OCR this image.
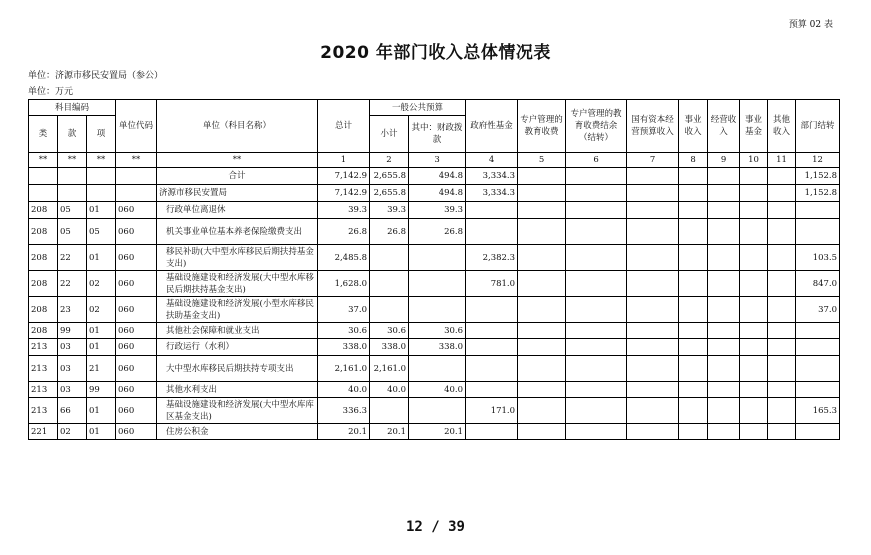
预算 02 表
2020 年部门收入总体情况表
单位：济源市移民安置局（参公）
单位：万元
科目编码			单位代码	单位（科目名称）	总计	一般公共预算		政府性基金	专户管理的教育收费	专户管理的教育收费结余（结转）	国有资本经营预算收入	事业收入	经营收入	事业基金	其他收入	部门结转
类	款	项				小计	其中：财政拨款									
**	**	**	**	**	1	2	3	4	5	6	7	8	9	10	11	12
				合计	7,142.9	2,655.8	494.8	3,334.3								1,152.8
				济源市移民安置局	7,142.9	2,655.8	494.8	3,334.3								1,152.8
208	05	01	060	行政单位离退休	39.3	39.3	39.3									
208	05	05	060	机关事业单位基本养老保险缴费支出	26.8	26.8	26.8									
208	22	01	060	移民补助(大中型水库移民后期扶持基金支出)	2,485.8			2,382.3								103.5
208	22	02	060	基础设施建设和经济发展(大中型水库移民后期扶持基金支出)	1,628.0			781.0								847.0
208	23	02	060	基础设施建设和经济发展(小型水库移民扶助基金支出)	37.0											37.0
208	99	01	060	其他社会保障和就业支出	30.6	30.6	30.6									
213	03	01	060	行政运行（水利）	338.0	338.0	338.0									
213	03	21	060	大中型水库移民后期扶持专项支出	2,161.0	2,161.0										
213	03	99	060	其他水利支出	40.0	40.0	40.0									
213	66	01	060	基础设施建设和经济发展(大中型水库库区基金支出)	336.3			171.0								165.3
221	02	01	060	住房公积金	20.1	20.1	20.1									
12 / 39
